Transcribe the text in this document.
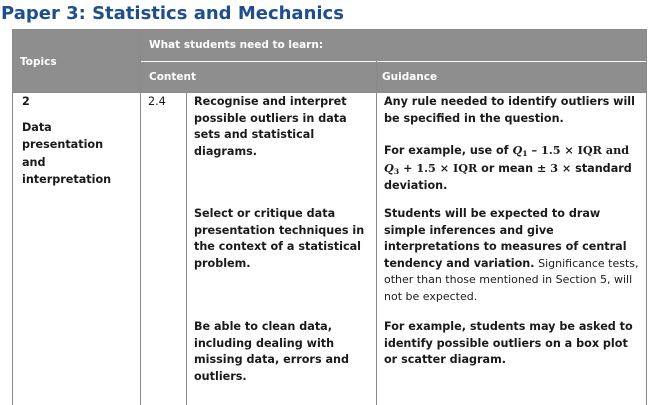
Paper 3: Statistics and Mechanics
Topics
What students need to learn:
Content	Guidance
2
Data
presentation
and
interpretation
2.4	Recognise and interpret possible outliers in data sets and statistical diagrams.
Select or critique data presentation techniques in the context of a statistical problem.
Be able to clean data, including dealing with missing data, errors and outliers.
Any rule needed to identify outliers will be specified in the question.
For example, use of $Q_1 - 1.5$ × IQR and
$Q_3 + 1.5$ × IQR or mean ± 3 × standard deviation.
Students will be expected to draw simple inferences and give interpretations to measures of central tendency and variation. Significance tests, other than those mentioned in Section 5, will not be expected.
For example, students may be asked to identify possible outliers on a box plot or scatter diagram.
